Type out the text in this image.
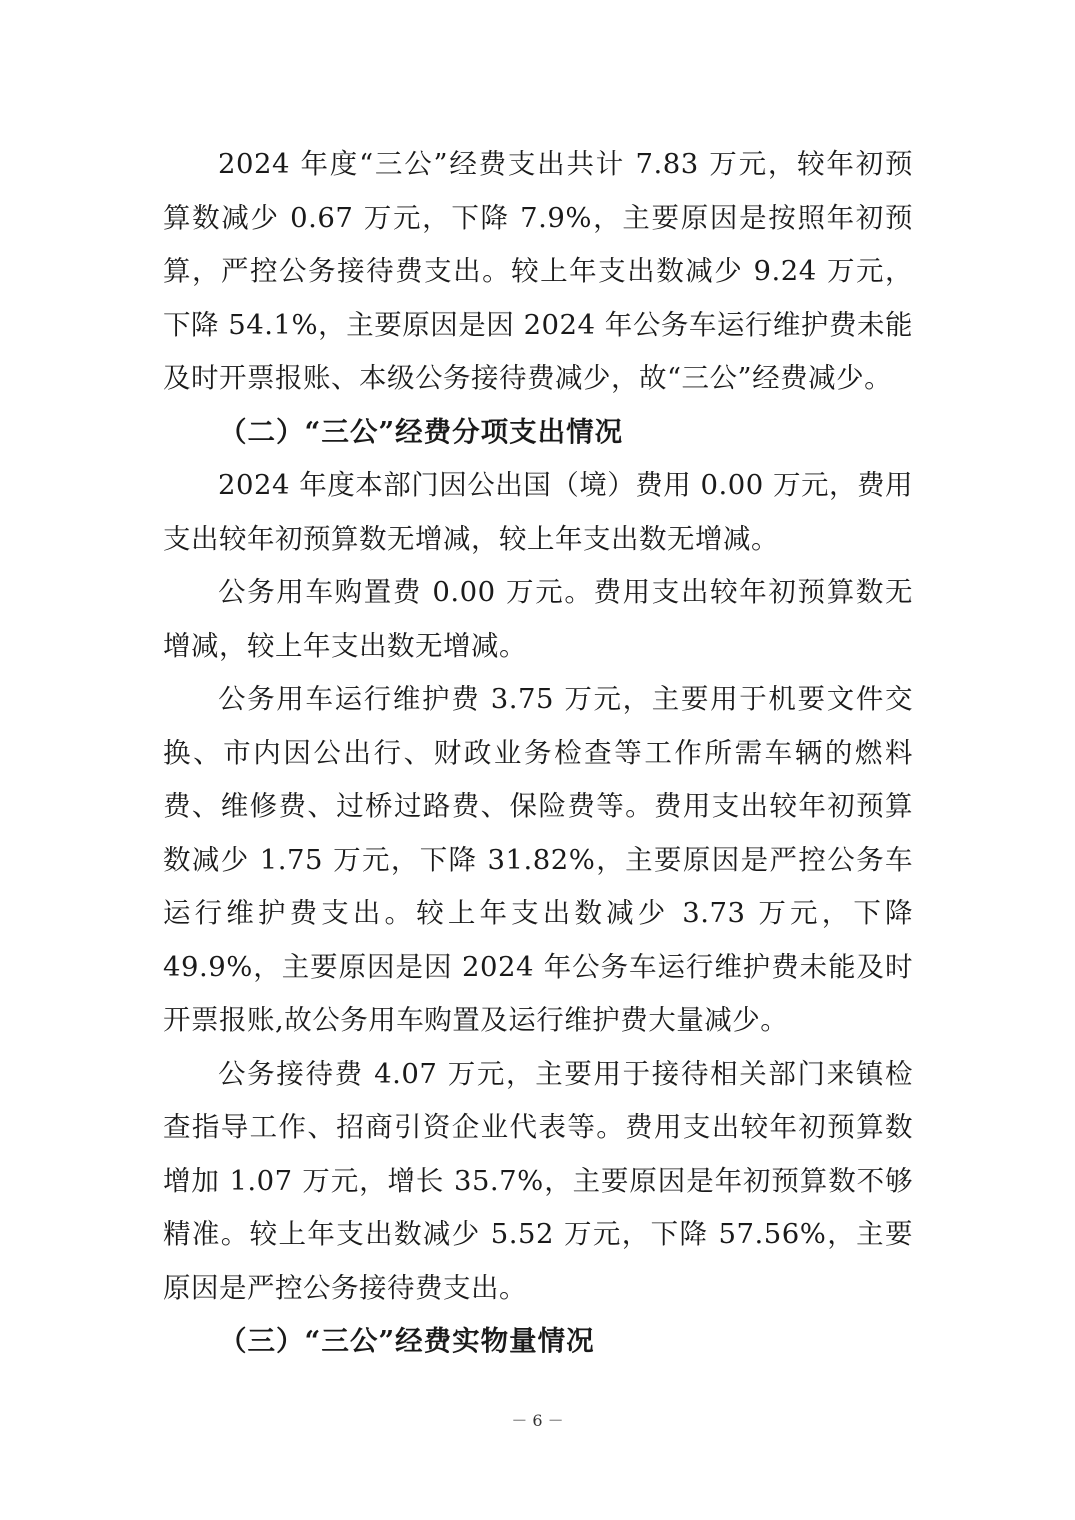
2024 年度“三公”经费支出共计 7.83 万元，较年初预算数减少 0.67 万元，下降 7.9%，主要原因是按照年初预算，严控公务接待费支出。较上年支出数减少 9.24 万元，下降 54.1%，主要原因是因 2024 年公务车运行维护费未能及时开票报账、本级公务接待费减少，故“三公”经费减少。

（二）“三公”经费分项支出情况

2024 年度本部门因公出国（境）费用 0.00 万元，费用支出较年初预算数无增减，较上年支出数无增减。

公务用车购置费 0.00 万元。费用支出较年初预算数无增减，较上年支出数无增减。

公务用车运行维护费 3.75 万元，主要用于机要文件交换、市内因公出行、财政业务检查等工作所需车辆的燃料费、维修费、过桥过路费、保险费等。费用支出较年初预算数减少 1.75 万元，下降 31.82%，主要原因是严控公务车运行维护费支出。较上年支出数减少 3.73 万元，下降 49.9%，主要原因是因 2024 年公务车运行维护费未能及时开票报账,故公务用车购置及运行维护费大量减少。

公务接待费 4.07 万元，主要用于接待相关部门来镇检查指导工作、招商引资企业代表等。费用支出较年初预算数增加 1.07 万元，增长 35.7%，主要原因是年初预算数不够精准。较上年支出数减少 5.52 万元，下降 57.56%，主要原因是严控公务接待费支出。

（三）“三公”经费实物量情况

－ 6 －
